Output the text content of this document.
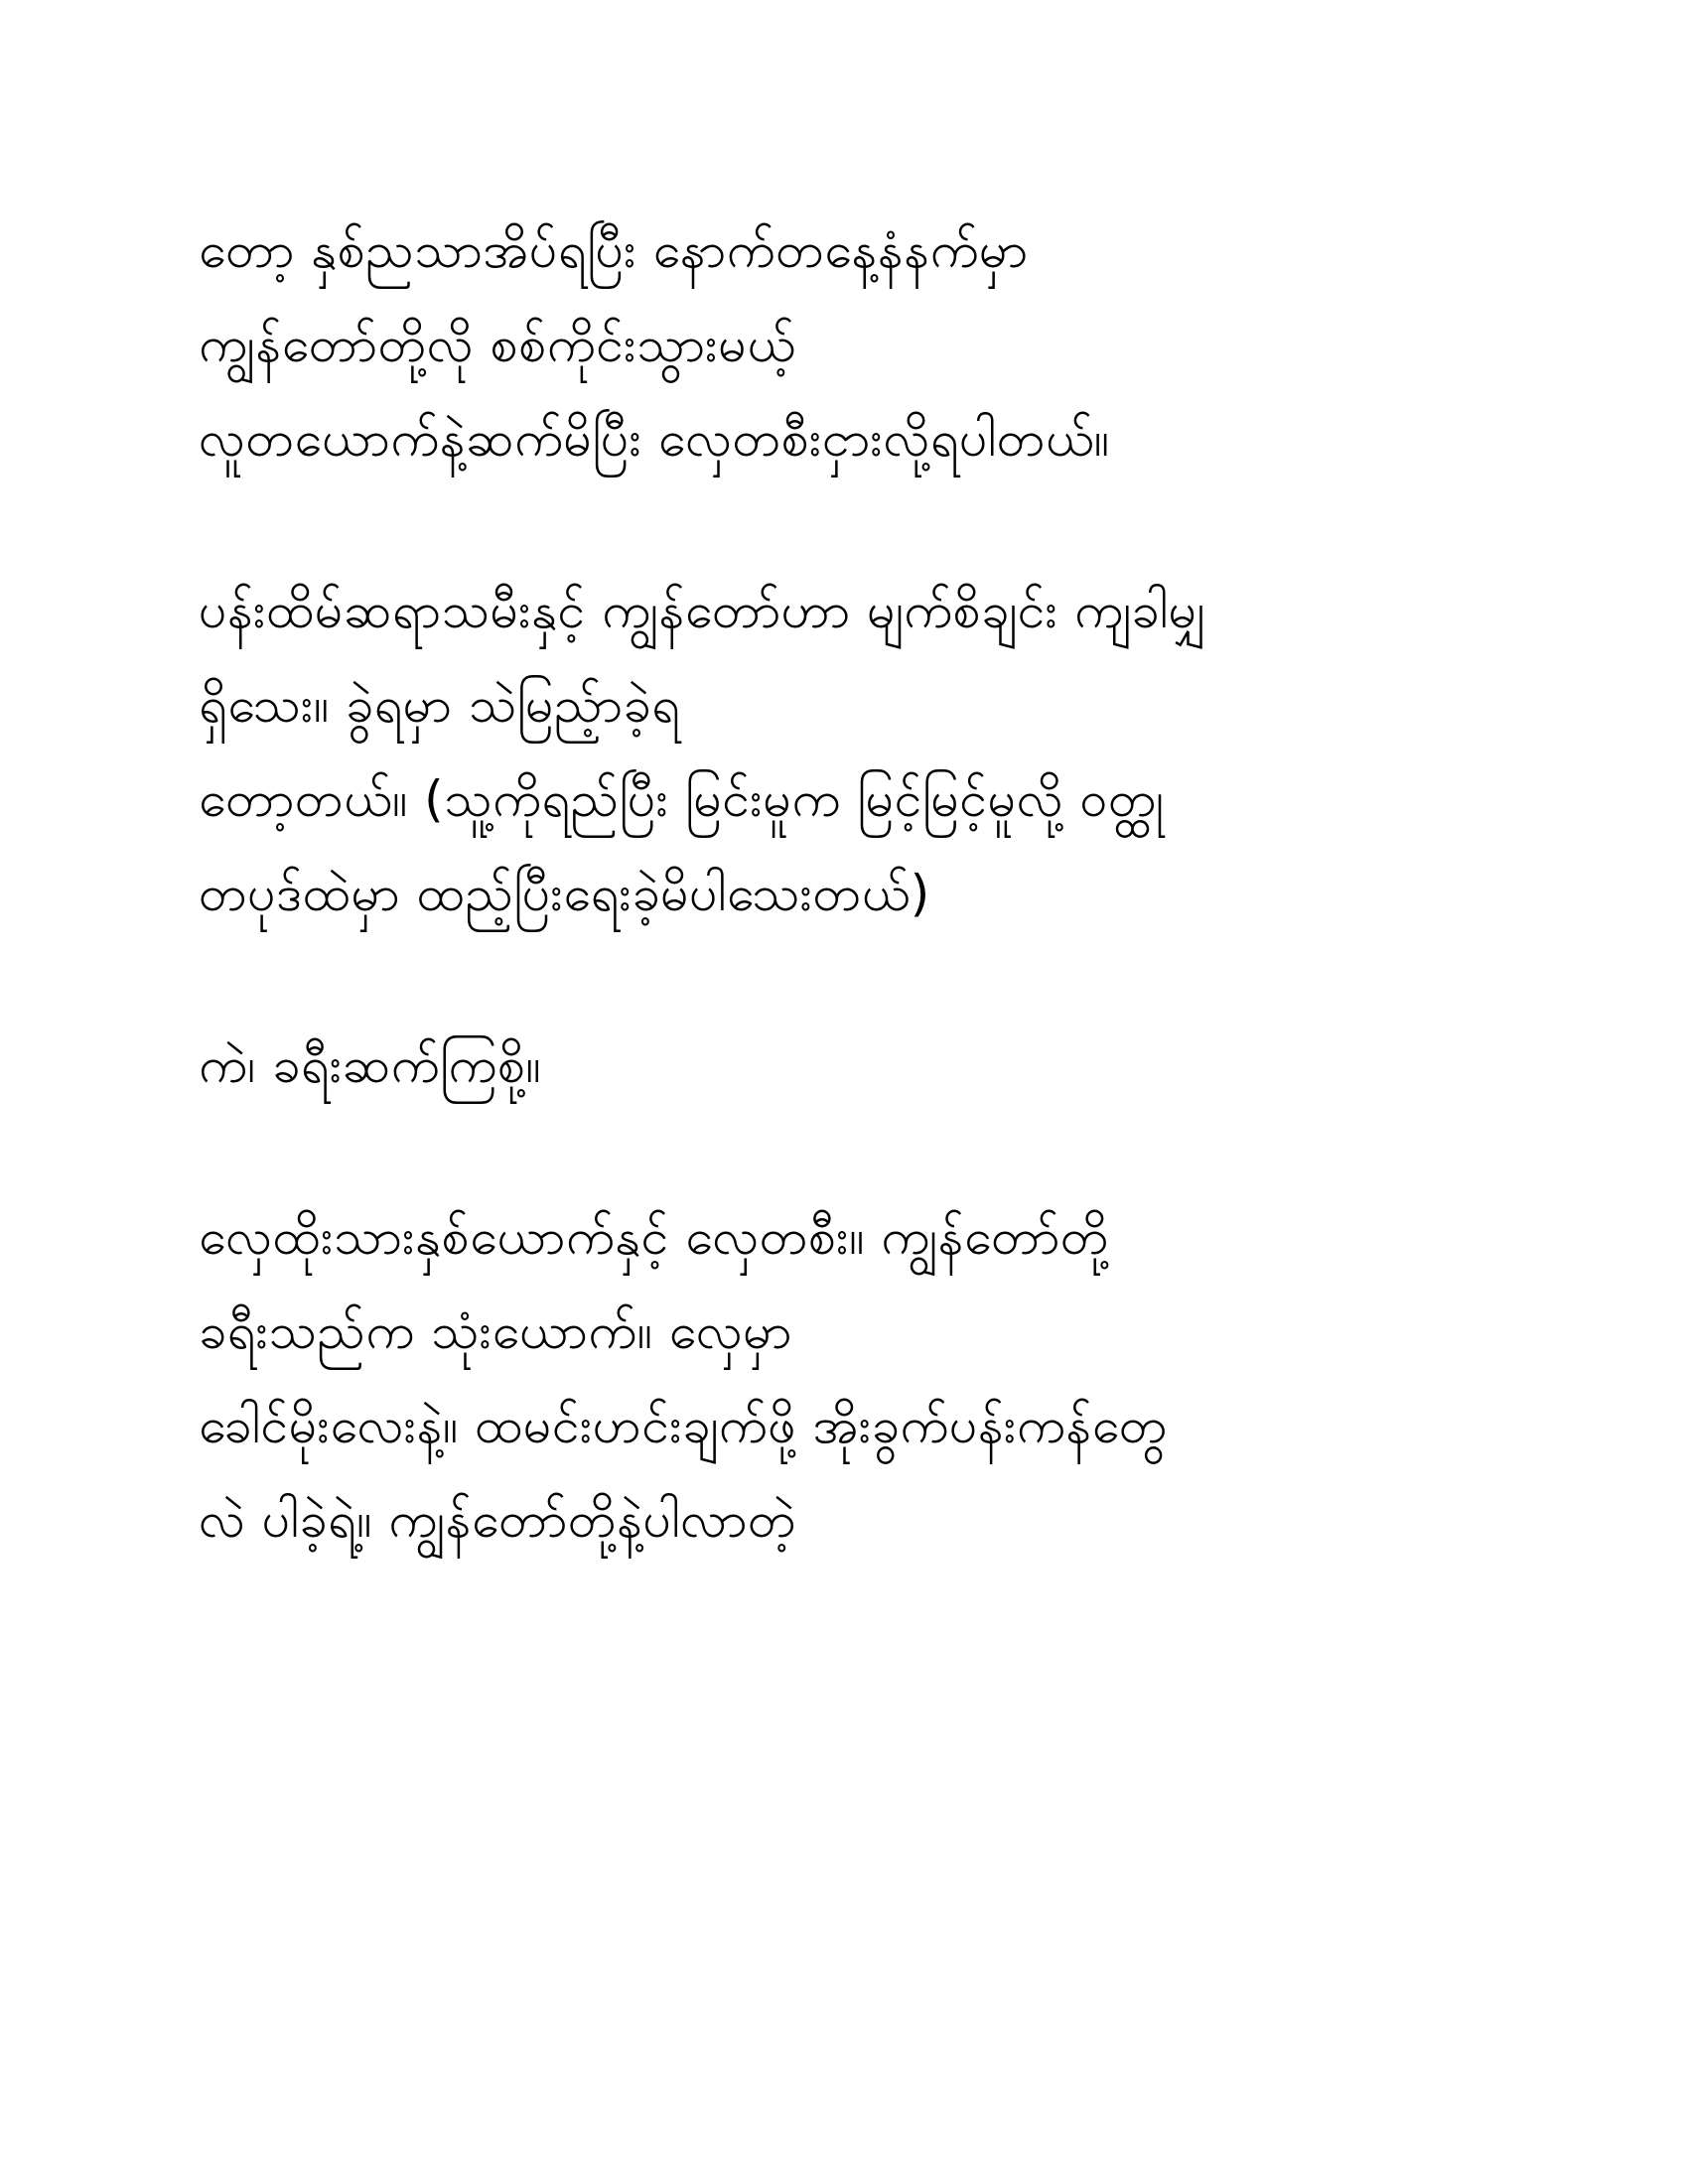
တော့ နှစ်ညသာအိပ်ရပြီး နောက်တနေ့နံနက်မှာ
ကျွန်တော်တို့လို စစ်ကိုင်းသွားမယ့်
လူတယောက်နဲ့ဆက်မိပြီး လှေတစီးငှားလို့ရပါတယ်။
ပန်းထိမ်ဆရာသမီးနှင့် ကျွန်တော်ဟာ မျက်စိချင်း ကျခါမျှ
ရှိသေး။ ခွဲရမှာ သဲမြည့်ာခဲ့ရ
တော့တယ်။ (သူ့ကိုရည်ပြီး မြင်းမူက မြင့်မြင့်မူလို့ ဝတ္ထု
တပုဒ်ထဲမှာ ထည့်ပြီးရေးခဲ့မိပါသေးတယ်)
ကဲ၊ ခရီးဆက်ကြစို့။
လှေထိုးသားနှစ်ယောက်နှင့် လှေတစီး။ ကျွန်တော်တို့
ခရီးသည်က သုံးယောက်။ လှေမှာ
ခေါင်မိုးလေးနဲ့။ ထမင်းဟင်းချက်ဖို့ အိုးခွက်ပန်းကန်တွေ
လဲ ပါခဲ့ရဲ့။ ကျွန်တော်တို့နဲ့ပါလာတဲ့
